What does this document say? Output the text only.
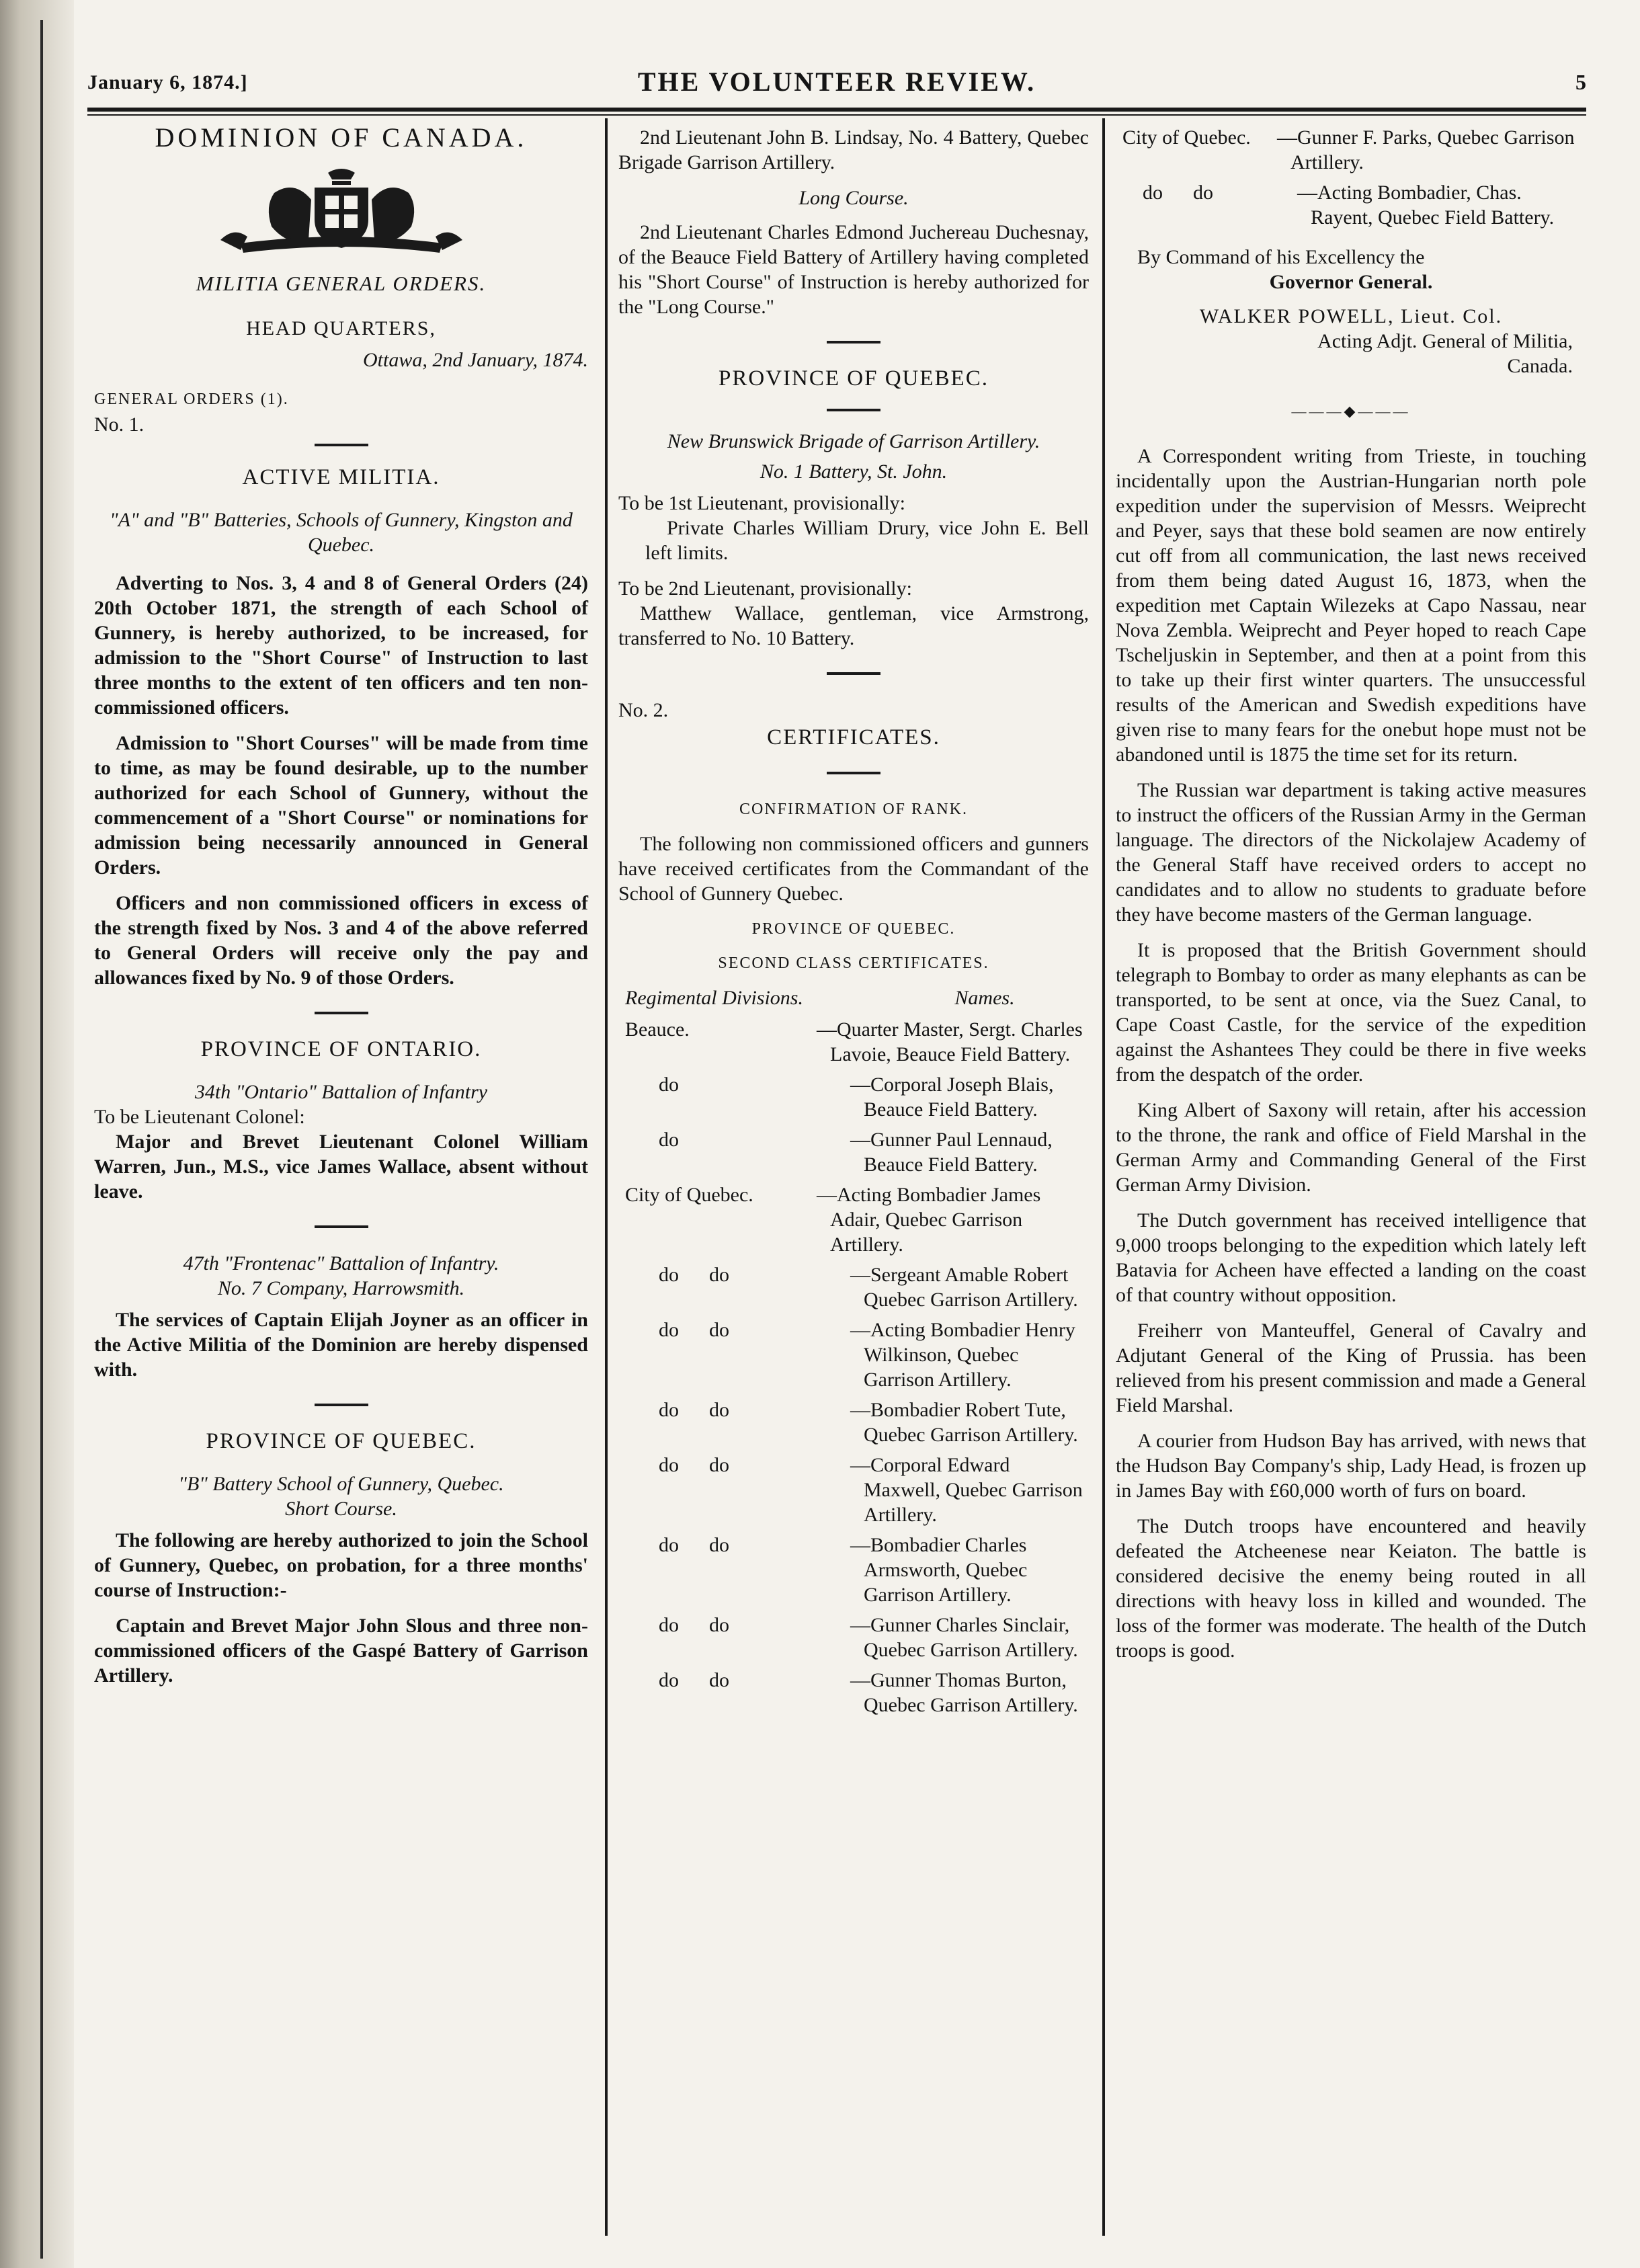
January 6, 1874.]	THE VOLUNTEER REVIEW.	5
DOMINION OF CANADA.
MILITIA GENERAL ORDERS.
HEAD QUARTERS,
Ottawa, 2nd January, 1874.
GENERAL ORDERS (1).
No. 1.
ACTIVE MILITIA.
"A" and "B" Batteries, Schools of Gunnery, Kingston and Quebec.

Adverting to Nos. 3, 4 and 8 of General Orders (24) 20th October 1871, the strength of each School of Gunnery, is hereby authorized, to be increased, for admission to the "Short Course" of Instruction to last three months to the extent of ten officers and ten non-commissioned officers.

Admission to "Short Courses" will be made from time to time, as may be found desirable, up to the number authorized for each School of Gunnery, without the commencement of a "Short Course" or nominations for admission being necessarily announced in General Orders.

Officers and non commissioned officers in excess of the strength fixed by Nos. 3 and 4 of the above referred to General Orders will receive only the pay and allowances fixed by No. 9 of those Orders.

PROVINCE OF ONTARIO.
34th "Ontario" Battalion of Infantry
To be Lieutenant Colonel:

Major and Brevet Lieutenant Colonel William Warren, Jun., M.S., vice James Wallace, absent without leave.

47th "Frontenac" Battalion of Infantry.
No. 7 Company, Harrowsmith.

The services of Captain Elijah Joyner as an officer in the Active Militia of the Dominion are hereby dispensed with.

PROVINCE OF QUEBEC.
"B" Battery School of Gunnery, Quebec.
Short Course.

The following are hereby authorized to join the School of Gunnery, Quebec, on probation, for a three months' course of Instruction:-

Captain and Brevet Major John Slous and three non-commissioned officers of the Gaspé Battery of Garrison Artillery.

2nd Lieutenant John B. Lindsay, No. 4 Battery, Quebec Brigade Garrison Artillery.

Long Course.

2nd Lieutenant Charles Edmond Juchereau Duchesnay, of the Beauce Field Battery of Artillery having completed his "Short Course" of Instruction is hereby authorized for the "Long Course."

PROVINCE OF QUEBEC.
New Brunswick Brigade of Garrison Artillery.
No. 1 Battery, St. John.
To be 1st Lieutenant, provisionally:

Private Charles William Drury, vice John E. Bell left limits.

To be 2nd Lieutenant, provisionally:

Matthew Wallace, gentleman, vice Armstrong, transferred to No. 10 Battery.

No. 2.
CERTIFICATES.
CONFIRMATION OF RANK.

The following non commissioned officers and gunners have received certificates from the Commandant of the School of Gunnery Quebec.

PROVINCE OF QUEBEC.
SECOND CLASS CERTIFICATES.
Regimental Divisions.	Names.
Beauce.	—Quarter Master, Sergt. Charles Lavoie, Beauce Field Battery.
do	—Corporal Joseph Blais, Beauce Field Battery.
do	—Gunner Paul Lennaud, Beauce Field Battery.
City of Quebec.	—Acting Bombadier James Adair, Quebec Garrison Artillery.
do      do	—Sergeant Amable Robert Quebec Garrison Artillery.
do      do	—Acting Bombadier Henry Wilkinson, Quebec Garrison Artillery.
do      do	—Bombadier Robert Tute, Quebec Garrison Artillery.
do      do	—Corporal Edward Maxwell, Quebec Garrison Artillery.
do      do	—Bombadier Charles Armsworth, Quebec Garrison Artillery.
do      do	—Gunner Charles Sinclair, Quebec Garrison Artillery.
do      do	—Gunner Thomas Burton, Quebec Garrison Artillery.
City of Quebec.	—Gunner F. Parks, Quebec Garrison Artillery.
do      do	—Acting Bombadier, Chas. Rayent, Quebec Field Battery.
By Command of his Excellency the
Governor General.
WALKER POWELL, Lieut. Col.
Acting Adjt. General of Militia,
Canada.
———◆———

A Correspondent writing from Trieste, in touching incidentally upon the Austrian-Hungarian north pole expedition under the supervision of Messrs. Weiprecht and Peyer, says that these bold seamen are now entirely cut off from all communication, the last news received from them being dated August 16, 1873, when the expedition met Captain Wilezeks at Capo Nassau, near Nova Zembla. Weiprecht and Peyer hoped to reach Cape Tscheljuskin in September, and then at a point from this to take up their first winter quarters. The unsuccessful results of the American and Swedish expeditions have given rise to many fears for the onebut hope must not be abandoned until is 1875 the time set for its return.

The Russian war department is taking active measures to instruct the officers of the Russian Army in the German language. The directors of the Nickolajew Academy of the General Staff have received orders to accept no candidates and to allow no students to graduate before they have become masters of the German language.

It is proposed that the British Government should telegraph to Bombay to order as many elephants as can be transported, to be sent at once, via the Suez Canal, to Cape Coast Castle, for the service of the expedition against the Ashantees They could be there in five weeks from the despatch of the order.

King Albert of Saxony will retain, after his accession to the throne, the rank and office of Field Marshal in the German Army and Commanding General of the First German Army Division.

The Dutch government has received intelligence that 9,000 troops belonging to the expedition which lately left Batavia for Acheen have effected a landing on the coast of that country without opposition.

Freiherr von Manteuffel, General of Cavalry and Adjutant General of the King of Prussia. has been relieved from his present commission and made a General Field Marshal.

A courier from Hudson Bay has arrived, with news that the Hudson Bay Company's ship, Lady Head, is frozen up in James Bay with £60,000 worth of furs on board.

The Dutch troops have encountered and heavily defeated the Atcheenese near Keiaton. The battle is considered decisive the enemy being routed in all directions with heavy loss in killed and wounded. The loss of the former was moderate. The health of the Dutch troops is good.
